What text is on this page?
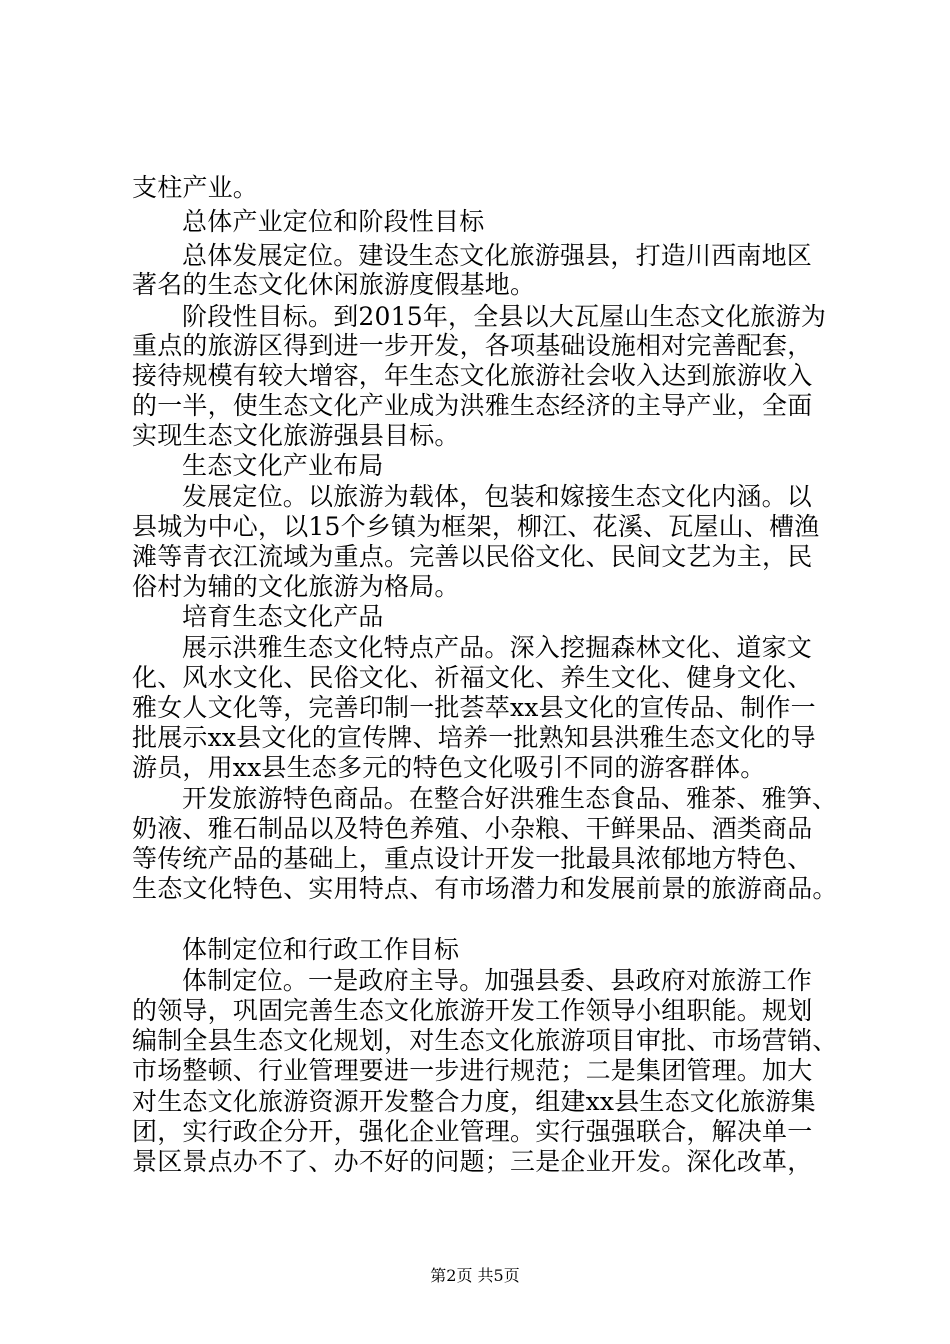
支柱产业。
总体产业定位和阶段性目标
总体发展定位。建设生态文化旅游强县，打造川西南地区
著名的生态文化休闲旅游度假基地。
阶段性目标。到2015年，全县以大瓦屋山生态文化旅游为
重点的旅游区得到进一步开发，各项基础设施相对完善配套，
接待规模有较大增容，年生态文化旅游社会收入达到旅游收入
的一半，使生态文化产业成为洪雅生态经济的主导产业，全面
实现生态文化旅游强县目标。
生态文化产业布局
发展定位。以旅游为载体，包装和嫁接生态文化内涵。以
县城为中心，以15个乡镇为框架，柳江、花溪、瓦屋山、槽渔
滩等青衣江流域为重点。完善以民俗文化、民间文艺为主，民
俗村为辅的文化旅游为格局。
培育生态文化产品
展示洪雅生态文化特点产品。深入挖掘森林文化、道家文
化、风水文化、民俗文化、祈福文化、养生文化、健身文化、
雅女人文化等，完善印制一批荟萃xx县文化的宣传品、制作一
批展示xx县文化的宣传牌、培养一批熟知县洪雅生态文化的导
游员，用xx县生态多元的特色文化吸引不同的游客群体。
开发旅游特色商品。在整合好洪雅生态食品、雅茶、雅笋、
奶液、雅石制品以及特色养殖、小杂粮、干鲜果品、酒类商品
等传统产品的基础上，重点设计开发一批最具浓郁地方特色、
生态文化特色、实用特点、有市场潜力和发展前景的旅游商品。
体制定位和行政工作目标
体制定位。一是政府主导。加强县委、县政府对旅游工作
的领导，巩固完善生态文化旅游开发工作领导小组职能。规划
编制全县生态文化规划，对生态文化旅游项目审批、市场营销、
市场整顿、行业管理要进一步进行规范；二是集团管理。加大
对生态文化旅游资源开发整合力度，组建xx县生态文化旅游集
团，实行政企分开，强化企业管理。实行强强联合，解决单一
景区景点办不了、办不好的问题；三是企业开发。深化改革，
第2页 共5页
